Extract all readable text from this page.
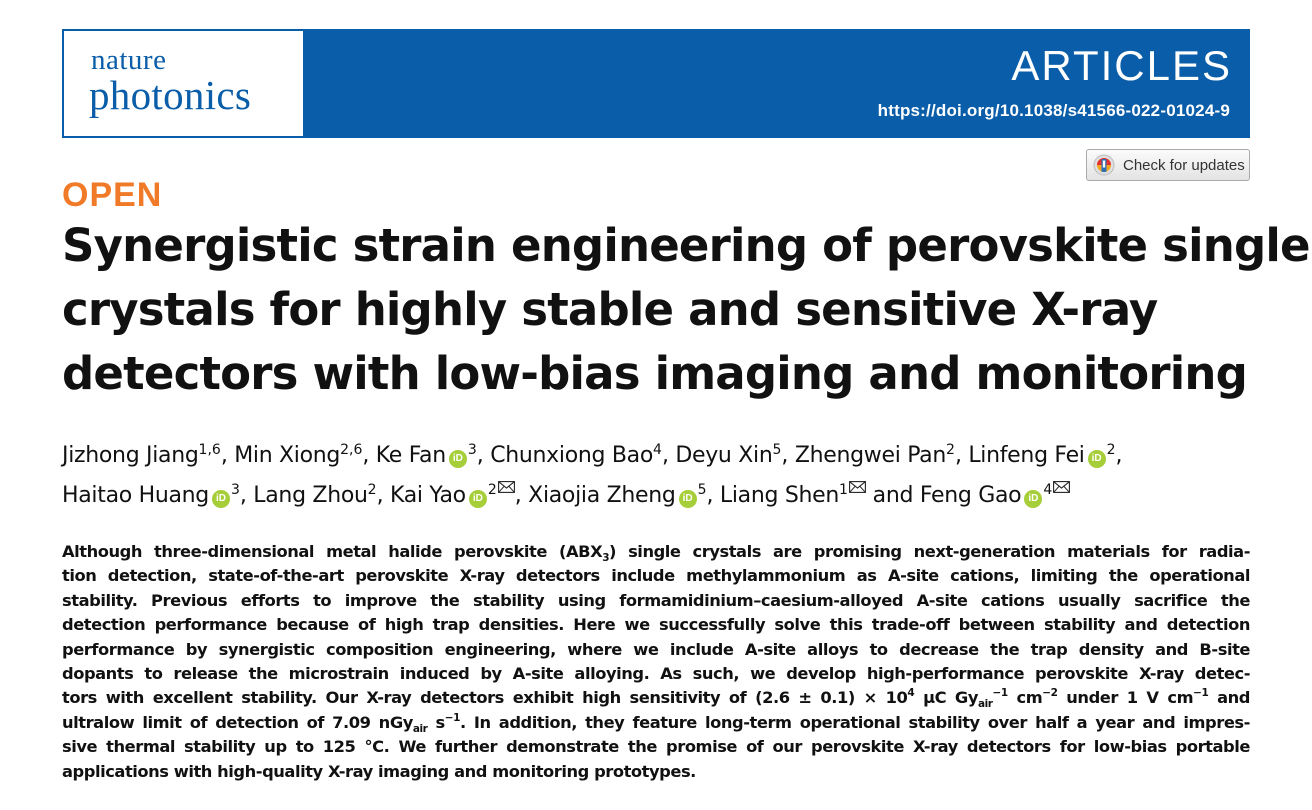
nature
photonics
ARTICLES
https://doi.org/10.1038/s41566-022-01024-9
Check for updates
OPEN
Synergistic strain engineering of perovskite single
crystals for highly stable and sensitive X-ray
detectors with low-bias imaging and monitoring
Jizhong Jiang$^{1,6}$, Min Xiong$^{2,6}$, Ke Fan iD$^3$, Chunxiong Bao$^4$, Deyu Xin$^5$, Zhengwei Pan$^2$, Linfeng Fei iD$^2$,
Haitao Huang iD$^3$, Lang Zhou$^2$, Kai Yao iD$^2$ , Xiaojia Zheng iD$^5$, Liang Shen$^1$ and Feng Gao iD$^4$

Although three-dimensional metal halide perovskite $(ABX_3)$ single crystals are promising next-generation materials for radia-
tion detection, state-of-the-art perovskite X-ray detectors include methylammonium as A-site cations, limiting the operational
stability. Previous efforts to improve the stability using formamidinium–caesium-alloyed A-site cations usually sacrifice the
detection performance because of high trap densities. Here we successfully solve this trade-off between stability and detection
performance by synergistic composition engineering, where we include A-site alloys to decrease the trap density and B-site
dopants to release the microstrain induced by A-site alloying. As such, we develop high-performance perovskite X-ray detec-
tors with excellent stability. Our X-ray detectors exhibit high sensitivity of $(2.6 \pm 0.1) \times 10^4$ µC $Gy_{air}^{-1}$ $cm^{-2}$ under 1 V $cm^{-1}$ and
ultralow limit of detection of 7.09 nGy$_{air}$ $s^{-1}$. In addition, they feature long-term operational stability over half a year and impres-
sive thermal stability up to 125 °C. We further demonstrate the promise of our perovskite X-ray detectors for low-bias portable
applications with high-quality X-ray imaging and monitoring prototypes.
